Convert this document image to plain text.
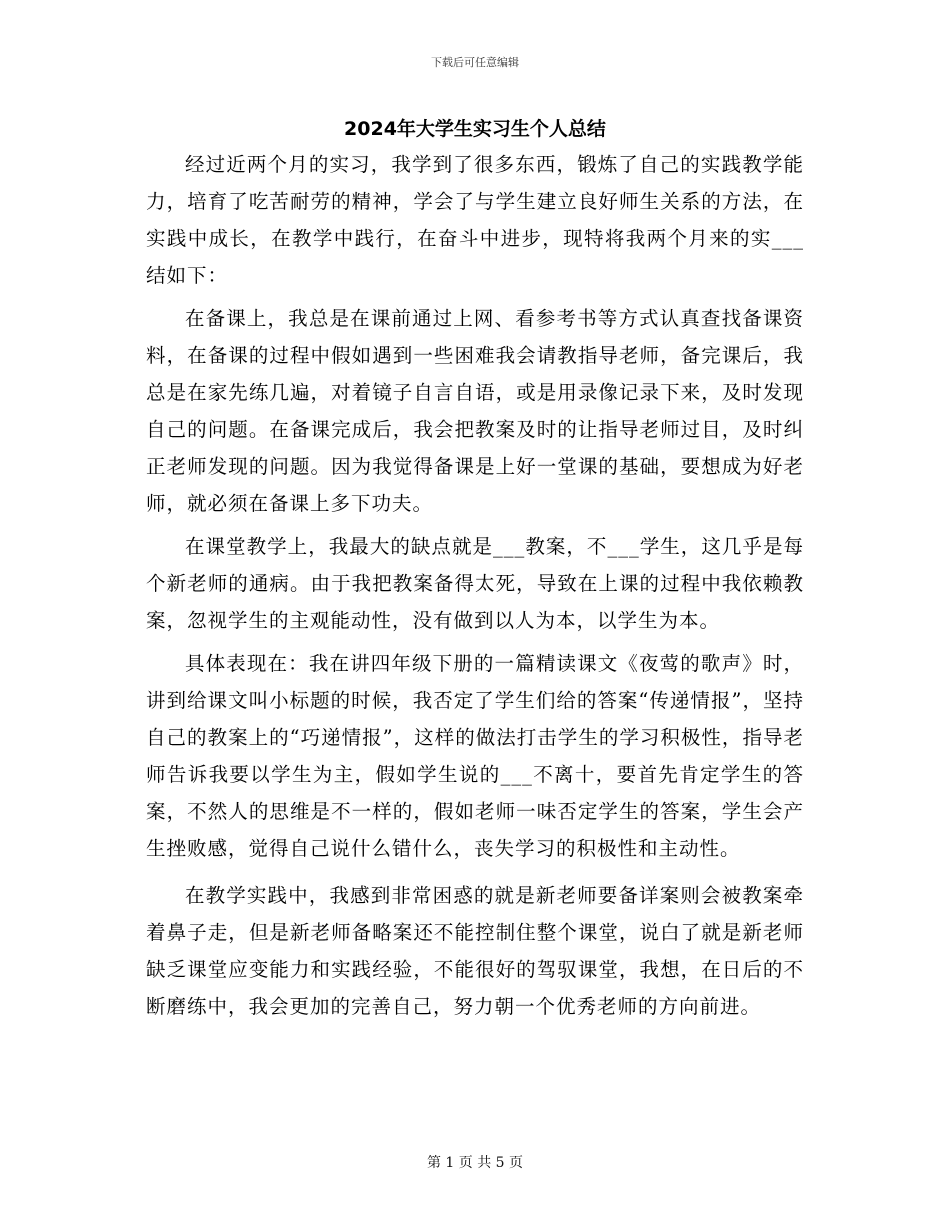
下载后可任意编辑
2024年大学生实习生个人总结

经过近两个月的实习，我学到了很多东西，锻炼了自己的实践教学能力，培育了吃苦耐劳的精神，学会了与学生建立良好师生关系的方法，在实践中成长，在教学中践行，在奋斗中进步，现特将我两个月来的实___结如下：

在备课上，我总是在课前通过上网、看参考书等方式认真查找备课资料，在备课的过程中假如遇到一些困难我会请教指导老师，备完课后，我总是在家先练几遍，对着镜子自言自语，或是用录像记录下来，及时发现自己的问题。在备课完成后，我会把教案及时的让指导老师过目，及时纠正老师发现的问题。因为我觉得备课是上好一堂课的基础，要想成为好老师，就必须在备课上多下功夫。

在课堂教学上，我最大的缺点就是___教案，不___学生，这几乎是每个新老师的通病。由于我把教案备得太死，导致在上课的过程中我依赖教案，忽视学生的主观能动性，没有做到以人为本，以学生为本。

具体表现在：我在讲四年级下册的一篇精读课文《夜莺的歌声》时，讲到给课文叫小标题的时候，我否定了学生们给的答案“传递情报”，坚持自己的教案上的“巧递情报”，这样的做法打击学生的学习积极性，指导老师告诉我要以学生为主，假如学生说的___不离十，要首先肯定学生的答案，不然人的思维是不一样的，假如老师一味否定学生的答案，学生会产生挫败感，觉得自己说什么错什么，丧失学习的积极性和主动性。

在教学实践中，我感到非常困惑的就是新老师要备详案则会被教案牵着鼻子走，但是新老师备略案还不能控制住整个课堂，说白了就是新老师缺乏课堂应变能力和实践经验，不能很好的驾驭课堂，我想，在日后的不断磨练中，我会更加的完善自己，努力朝一个优秀老师的方向前进。

第 1 页 共 5 页
